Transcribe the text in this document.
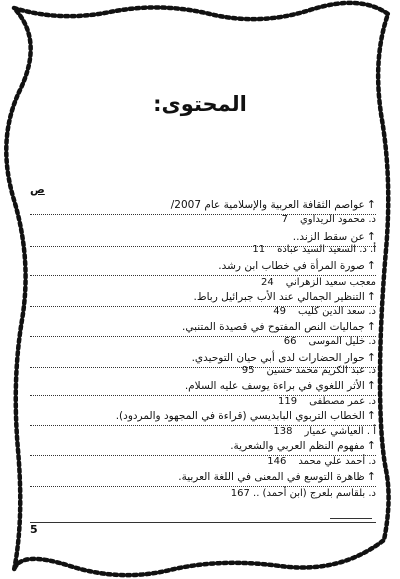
المحتوى:
ص
↑عواصم الثقافة العربية والإسلامية عام 2007/
د. محمود الريداوي7
↑عن سقط الزند..
أ. د. السعيد السيد عبادة11
↑صورة المرأة في خطاب ابن رشد.
معجب سعيد الزهراني24
↑التنظير الجمالي عند الأب جبرائيل رباط.
د. سعد الدين كليب49
↑جماليات النص المفتوح في قصيدة المتنبي.
د. خليل الموسى66
↑حوار الحضارات لدى أبي حيان التوحيدي.
د. عبد الكريم محمد حسين95
↑الأثر اللغوي في براءة يوسف عليه السلام.
د. عمر مصطفى119
↑الخطاب التربوي البابديسي (قراءة في المجهود والمردود).
أ . العياشي عميار138
↑مفهوم النظم العربي والشعرية.
د. أحمد علي محمد146
↑ظاهرة التوسع في المعنى في اللغة العربية.
د. بلقاسم بلعرج (ابن أحمد) .. 167
5
